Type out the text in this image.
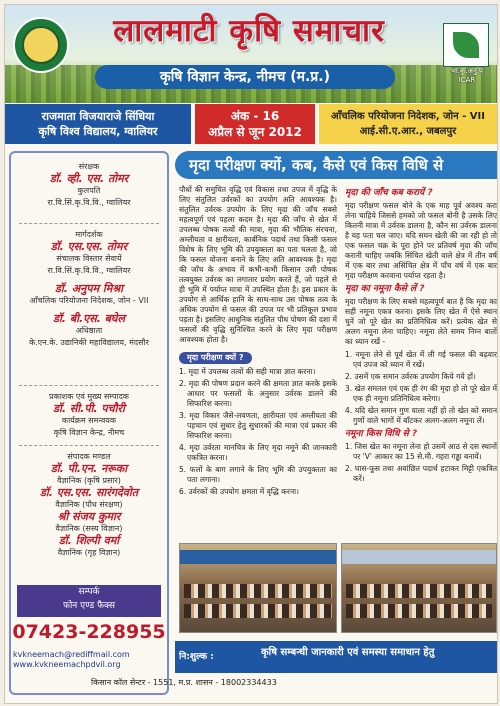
लालमाटी कृषि समाचार
कृषि विज्ञान केन्द्र, नीमच (म.प्र.)	भा.कृ.अनु.प ICAR
राजमाता विजयाराजे सिंधिया
कृषि विश्व विद्यालय, ग्वालियर
अंक - 16
अप्रैल से जून 2012
आँचलिक परियोजना निदेशक, जोन - VII
आई.सी.ए.आर., जबलपुर
संरक्षक
डॉ. व्ही. एस. तोमर
कुलपति
रा.वि.सिं.कृ.वि.वि., ग्वालियर
मार्गदर्शक
डॉ. एस.एस. तोमर
संचालक विस्तार सेवायें
रा.वि.सिं.कृ.वि.वि., ग्वालियर
डॉ. अनुपम मिश्रा
आँचलिक परियोजना निदेशक, जोन - VII
डॉ. बी.एस. बघेल
अधिष्ठाता
के.एन.के. उद्यानिकी महाविद्यालय, मंदसौर
प्रकाशक एवं मुख्य सम्पादक
डॉ. सी.पी. पचौरी
कार्यक्रम समन्वयक
कृषि विज्ञान केन्द्र, नीमच
संपादक मण्डल
डॉ. पी.एन. नरूका
वैज्ञानिक (कृषि प्रसार)
डॉ. एस.एस. सारंगदेवोत
वैज्ञानिक (पौध संरक्षण)
श्री संजय कुमार
वैज्ञानिक (सस्य विज्ञान)
डॉ. शिल्पी वर्मा
वैज्ञानिक (गृह विज्ञान)
सम्पर्क
फोन एण्ड फैक्स
07423-228955
kvkneemach@rediffmail.com
www.kvkneemachpdvil.org
मृदा परीक्षण क्यों, कब, कैसे एवं किस विधि से

पौधों की समुचित वृद्धि एवं विकास तथा उपज में वृद्धि के लिए संतुलित उर्वरकों का उपयोग अति आवश्यक है। संतुलित उर्वरक उपयोग के लिए मृदा की जाँच सबसे महत्वपूर्ण एवं पहला कदम है। मृदा की जाँच से खेत में उपलब्ध पोषक तत्वों की मात्रा, मृदा की भौतिक संरचना, अम्लीयता व क्षारीयता, कार्बनिक पदार्थ तथा किसी फसल विशेष के लिए भूमि की उपयुक्तता का पता चलता है, जो कि फसल योजना बनाने के लिए अति आवश्यक है। मृदा की जाँच के अभाव में कभी-कभी किसान उसी पोषक तत्वयुक्त उर्वरक का लगातार प्रयोग करते हैं, जो पहले से ही भूमि में पर्याप्त मात्रा में उपस्थित होता है। इस प्रकार के उपयोग से आर्थिक हानि के साथ-साथ उस पोषक तत्व के अधिक उपयोग से फसल की उपज पर भी प्रतिकूल प्रभाव पड़ता है। इसलिए आधुनिक संतुलित पौध पोषण की दशा में फसलों की वृद्धि सुनिश्चित करने के लिए मृदा परीक्षण आवश्यक होता है।

मृदा परीक्षण क्यों ?
1. मृदा में उपलब्ध तत्वों की सही मात्रा ज्ञात करना।
2. मृदा की पोषण प्रदान करने की क्षमता ज्ञात करके इसके आधार पर फसलों के अनुसार उर्वरक डालने की सिफारिश करना।
3. मृदा विकार जैसे-लवणता, क्षारीयता एवं अम्लीयता की पहचान एवं सुधार हेतु सुधारकों की मात्रा एवं प्रकार की सिफारिश करना।
4. मृदा उर्वरता मानचित्र के लिए मृदा नमूने की जानकारी एकत्रित करना।
5. फलों के बाग लगाने के लिए भूमि की उपयुक्तता का पता लगाना।
6. उर्वरकों की उपयोग क्षमता में वृद्धि करना।
मृदा की जाँच कब करायें ?

मृदा परीक्षण फसल बोने के एक माह पूर्व अवश्य करा लेना चाहिये जिससे हमको जो फसल बोनी है उसके लिए कितनी मात्रा में उर्वरक डालना है, कौन सा उर्वरक डालना है यह पता चल जाए। यदि सघन खेती की जा रही हो तो एक फसल चक्र के पूरा होने पर प्रतिवर्ष मृदा की जाँच करानी चाहिए जबकि सिंचित खेती वाले क्षेत्र में तीन वर्ष में एक बार तथा असिंचित क्षेत्र में पाँच वर्ष में एक बार मृदा परीक्षण करवाना पर्याप्त रहता है।

मृदा का नमूना कैसे लें ?

मृदा परीक्षण के लिए सबसे महत्वपूर्ण बात है कि मृदा का सही नमूना एकत्र करना। इसके लिए खेत में ऐसे स्थान चुनें जो पूरे खेत का प्रतिनिधित्व करें। प्रत्येक खेत से अलग नमूना लेना चाहिए। नमूना लेते समय निम्न बातों का ध्यान रखें -

1. नमूना लेने से पूर्व खेत में ली गई फसल की बढ़वार एवं उपज को ध्यान में रखें।
2. उसमें एक समान उर्वरक उपयोग किये गये हों।
3. खेत समतल एवं एक ही रंग की मृदा हो तो पूरे खेत में एक ही नमूना प्रतिनिधित्व करेगा।
4. यदि खेत समान गुण वाला नहीं हो तो खेत को समान गुणों वाले भागों में बाँटकर अलग-अलग नमूना लें।
नमूना किस विधि से ?
1. जिस खेत का नमूना लेना हो उसमें आठ से दस स्थानों पर 'V' आकार का 15 से.मी. गहरा गड्ढा बनायें।
2. घास-फूस तथा अवांछित पदार्थ हटाकर मिट्टी एकत्रित करें।
नि:शुल्क :	कृषि सम्बन्धी जानकारी एवं समस्या समाधान हेतु
किसान कॉल सेन्टर - 1551, म.प्र. शासन - 18002334433
